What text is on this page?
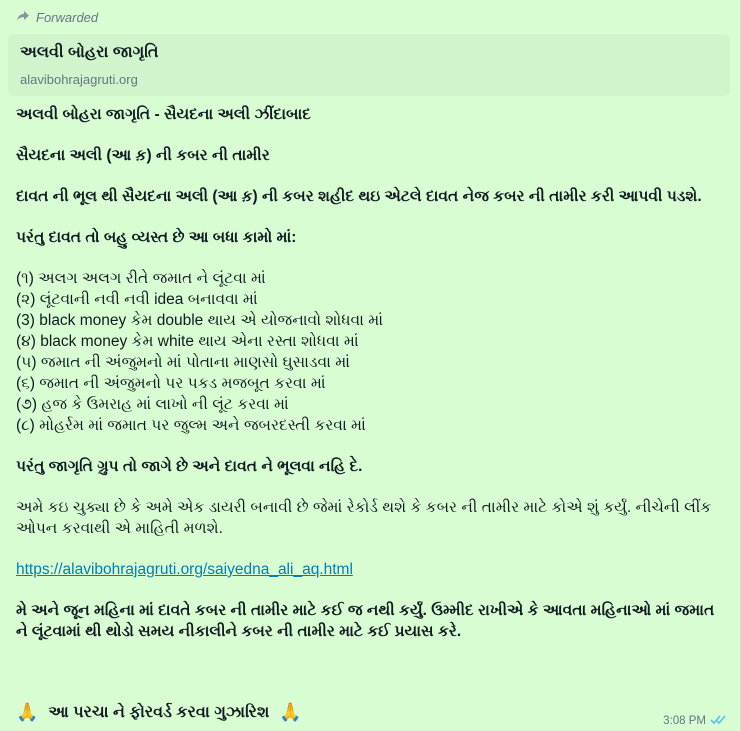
Forwarded
અલવી બોહરા જાગૃતિ
alavibohrajagruti.org

અલવી બોહરા જાગૃતિ - સૈયદના અલી ઝીંદાબાદ

સૈયદના અલી (આ ક઼) ની કબર ની તામીર

દાવત ની ભૂલ થી સૈયદના અલી (આ ક઼) ની કબર શહીદ થઇ એટલે દાવત નેજ કબર ની તામીર કરી આપવી પડશે.

પરંતુ દાવત તો બહુ વ્યસ્ત છે આ બધા કામો માં:

(૧) અલગ અલગ રીતે જમાત ને લૂંટવા માં

(૨) લૂંટવાની નવી નવી idea બનાવવા માં

(3) black money કેમ double થાય એ યોજનાવો શોધવા માં

(૪) black money કેમ white થાય એના રસ્તા શોધવા માં

(૫) જમાત ની અંજુમનો માં પોતાના માણસો ઘુસાડવા માં

(૬) જમાત ની અંજુમનો પર પકડ મજબૂત કરવા માં

(૭) હજ કે ઉમરાહ માં લાખો ની લૂંટ કરવા માં

(૮) મોહર્રમ માં જમાત પર જુલ્મ અને જબરદસ્તી કરવા માં

પરંતુ જાગૃતિ ગ્રુપ તો જાગે છે અને દાવત ને ભૂલવા નહિ દે.

અમે કઇ ચુક્યા છે કે અમે એક ડાયરી બનાવી છે જેમાં રેકોર્ડ થશે કે કબર ની તામીર માટે કોએ શું કર્યું. નીચેની લીંક ઓપન કરવાથી એ માહિતી મળશે.

https://alavibohrajagruti.org/saiyedna_ali_aq.html

મે અને જૂન મહિના માં દાવતે કબર ની તામીર માટે કઈ જ નથી કર્યું. ઉમ્મીદ રાખીએ કે આવતા મહિનાઓ માં જમાત ને લૂંટવામાં થી થોડો સમય નીકાલીને કબર ની તામીર માટે કઈ પ્રયાસ કરે.

🙏 આ પરચા ને ફોરવર્ડ કરવા ગુઝારિશ 🙏	3:08 PM
